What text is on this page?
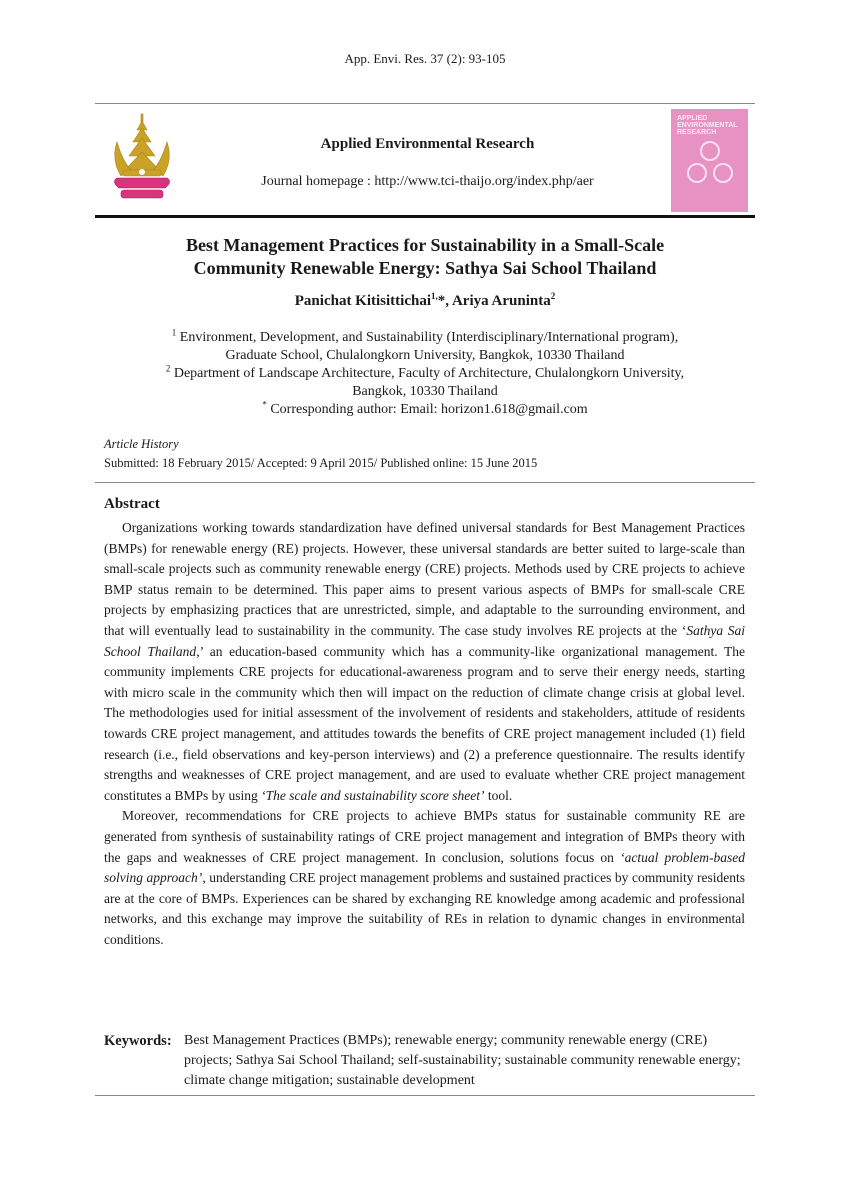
App. Envi. Res. 37 (2): 93-105
Applied Environmental Research
Journal homepage : http://www.tci-thaijo.org/index.php/aer
APPLIED
ENVIRONMENTAL
RESEARCH
Best Management Practices for Sustainability in a Small-Scale
Community Renewable Energy: Sathya Sai School Thailand
Panichat Kitisittichai$^{1,}$*, Ariya Aruninta$^2$
$^1$ Environment, Development, and Sustainability (Interdisciplinary/International program),
Graduate School, Chulalongkorn University, Bangkok, 10330 Thailand
$^2$ Department of Landscape Architecture, Faculty of Architecture, Chulalongkorn University,
Bangkok, 10330 Thailand
* Corresponding author: Email: horizon1.618@gmail.com
Article History
Submitted: 18 February 2015/ Accepted: 9 April 2015/ Published online: 15 June 2015
Abstract

Organizations working towards standardization have defined universal standards for Best Management Practices (BMPs) for renewable energy (RE) projects. However, these universal standards are better suited to large-scale than small-scale projects such as community renewable energy (CRE) projects. Methods used by CRE projects to achieve BMP status remain to be determined. This paper aims to present various aspects of BMPs for small-scale CRE projects by emphasizing practices that are unrestricted, simple, and adaptable to the surrounding environment, and that will eventually lead to sustainability in the community. The case study involves RE projects at the ‘Sathya Sai School Thailand,’ an education-based community which has a community-like organizational management. The community implements CRE projects for educational-awareness program and to serve their energy needs, starting with micro scale in the community which then will impact on the reduction of climate change crisis at global level. The methodologies used for initial assessment of the involvement of residents and stakeholders, attitude of residents towards CRE project management, and attitudes towards the benefits of CRE project management included (1) field research (i.e., field observations and key-person interviews) and (2) a preference questionnaire. The results identify strengths and weaknesses of CRE project management, and are used to evaluate whether CRE project management constitutes a BMPs by using ‘The scale and sustainability score sheet’ tool.

Moreover, recommendations for CRE projects to achieve BMPs status for sustainable community RE are generated from synthesis of sustainability ratings of CRE project management and integration of BMPs theory with the gaps and weaknesses of CRE project management. In conclusion, solutions focus on ‘actual problem-based solving approach’, understanding CRE project management problems and sustained practices by community residents are at the core of BMPs. Experiences can be shared by exchanging RE knowledge among academic and professional networks, and this exchange may improve the suitability of REs in relation to dynamic changes in environmental conditions.

Keywords: Best Management Practices (BMPs); renewable energy; community renewable energy (CRE) projects; Sathya Sai School Thailand; self-sustainability; sustainable community renewable energy; climate change mitigation; sustainable development
